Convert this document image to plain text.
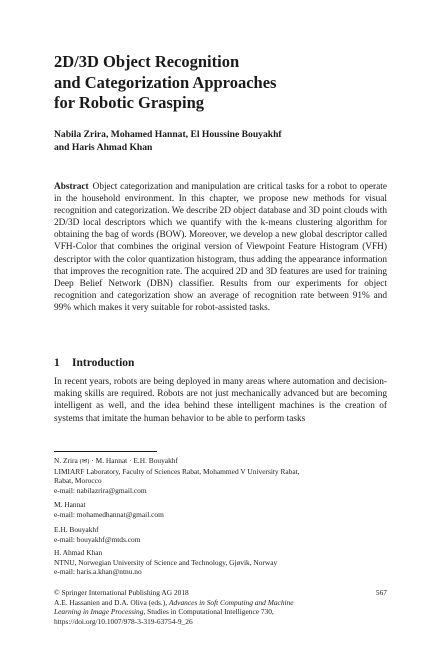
2D/3D Object Recognition
and Categorization Approaches
for Robotic Grasping
Nabila Zrira, Mohamed Hannat, El Houssine Bouyakhf
and Haris Ahmad Khan
Abstract Object categorization and manipulation are critical tasks for a robot to operate in the household environment. In this chapter, we propose new methods for visual recognition and categorization. We describe 2D object database and 3D point clouds with 2D/3D local descriptors which we quantify with the k-means clustering algorithm for obtaining the bag of words (BOW). Moreover, we develop a new global descriptor called VFH-Color that combines the original version of Viewpoint Feature Histogram (VFH) descriptor with the color quantization histogram, thus adding the appearance information that improves the recognition rate. The acquired 2D and 3D features are used for training Deep Belief Network (DBN) classifier. Results from our experiments for object recognition and categorization show an average of recognition rate between 91% and 99% which makes it very suitable for robot-assisted tasks.
1 Introduction
In recent years, robots are being deployed in many areas where automation and decision-making skills are required. Robots are not just mechanically advanced but are becoming intelligent as well, and the idea behind these intelligent machines is the creation of systems that imitate the human behavior to be able to perform tasks
N. Zrira (✉) · M. Hannat · E.H. Bouyakhf
LIMIARF Laboratory, Faculty of Sciences Rabat, Mohammed V University Rabat,
Rabat, Morocco
e-mail: nabilazrira@gmail.com
M. Hannat
e-mail: mohamedhannat@gmail.com
E.H. Bouyakhf
e-mail: bouyakhf@mtds.com
H. Ahmad Khan
NTNU, Norwegian University of Science and Technology, Gjøvik, Norway
e-mail: haris.a.khan@ntnu.no
567
© Springer International Publishing AG 2018
A.E. Hassanien and D.A. Oliva (eds.), Advances in Soft Computing and Machine
Learning in Image Processing, Studies in Computational Intelligence 730,
https://doi.org/10.1007/978-3-319-63754-9_26
